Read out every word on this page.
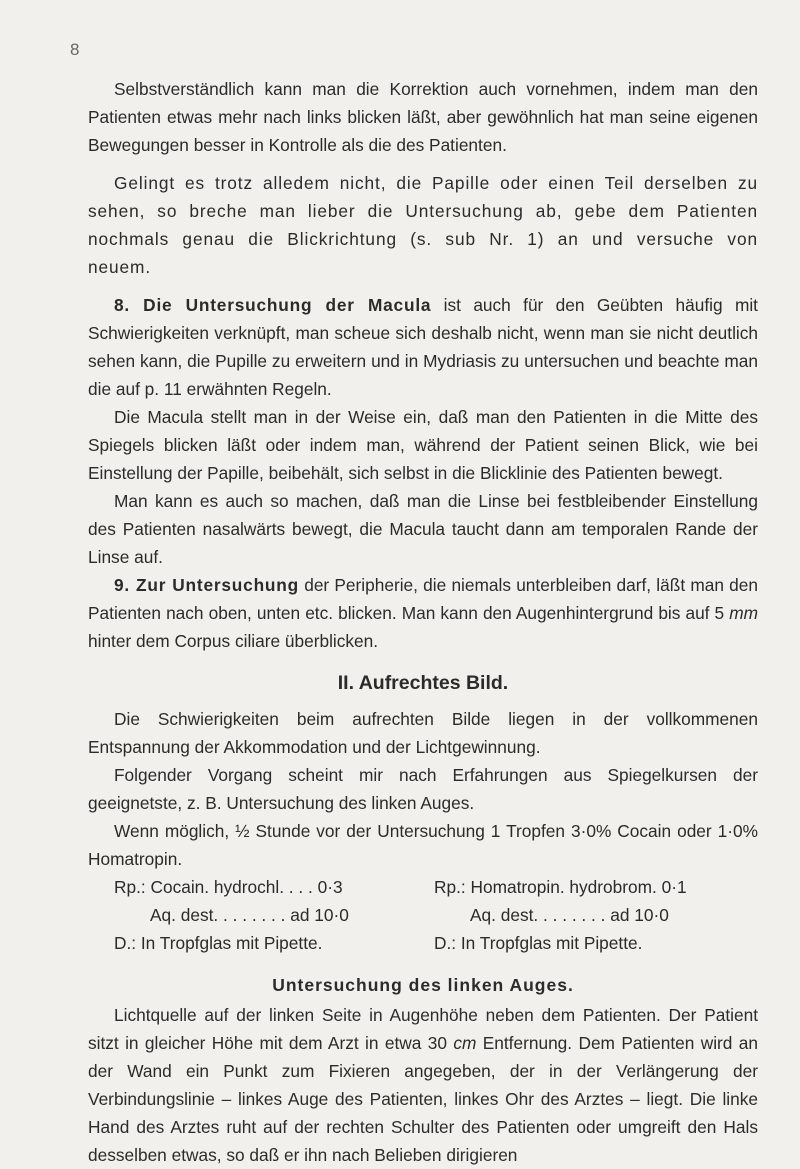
8

Selbstverständlich kann man die Korrektion auch vornehmen, indem man den Patienten etwas mehr nach links blicken läßt, aber gewöhnlich hat man seine eigenen Bewegungen besser in Kontrolle als die des Patienten.

Gelingt es trotz alledem nicht, die Papille oder einen Teil derselben zu sehen, so breche man lieber die Untersuchung ab, gebe dem Patienten nochmals genau die Blickrichtung (s. sub Nr. 1) an und versuche von neuem.

8. Die Untersuchung der Macula ist auch für den Geübten häufig mit Schwierigkeiten verknüpft, man scheue sich deshalb nicht, wenn man sie nicht deutlich sehen kann, die Pupille zu erweitern und in Mydriasis zu untersuchen und beachte man die auf p. 11 erwähnten Regeln.

Die Macula stellt man in der Weise ein, daß man den Patienten in die Mitte des Spiegels blicken läßt oder indem man, während der Patient seinen Blick, wie bei Einstellung der Papille, beibehält, sich selbst in die Blicklinie des Patienten bewegt.

Man kann es auch so machen, daß man die Linse bei festbleibender Einstellung des Patienten nasalwärts bewegt, die Macula taucht dann am temporalen Rande der Linse auf.

9. Zur Untersuchung der Peripherie, die niemals unterbleiben darf, läßt man den Patienten nach oben, unten etc. blicken. Man kann den Augenhintergrund bis auf 5 mm hinter dem Corpus ciliare überblicken.

II. Aufrechtes Bild.

Die Schwierigkeiten beim aufrechten Bilde liegen in der vollkommenen Entspannung der Akkommodation und der Lichtgewinnung.

Folgender Vorgang scheint mir nach Erfahrungen aus Spiegelkursen der geeignetste, z. B. Untersuchung des linken Auges.

Wenn möglich, ½ Stunde vor der Untersuchung 1 Tropfen 3·0% Cocain oder 1·0% Homatropin.

Rp.: Cocain. hydrochl. . . . 0·3
Aq. dest. . . . . . . . ad 10·0
D.: In Tropfglas mit Pipette.
Rp.: Homatropin. hydrobrom. 0·1
Aq. dest. . . . . . . . ad 10·0
D.: In Tropfglas mit Pipette.
Untersuchung des linken Auges.

Lichtquelle auf der linken Seite in Augenhöhe neben dem Patienten. Der Patient sitzt in gleicher Höhe mit dem Arzt in etwa 30 cm Entfernung. Dem Patienten wird an der Wand ein Punkt zum Fixieren angegeben, der in der Verlängerung der Verbindungslinie – linkes Auge des Patienten, linkes Ohr des Arztes – liegt. Die linke Hand des Arztes ruht auf der rechten Schulter des Patienten oder umgreift den Hals desselben etwas, so daß er ihn nach Belieben dirigieren
